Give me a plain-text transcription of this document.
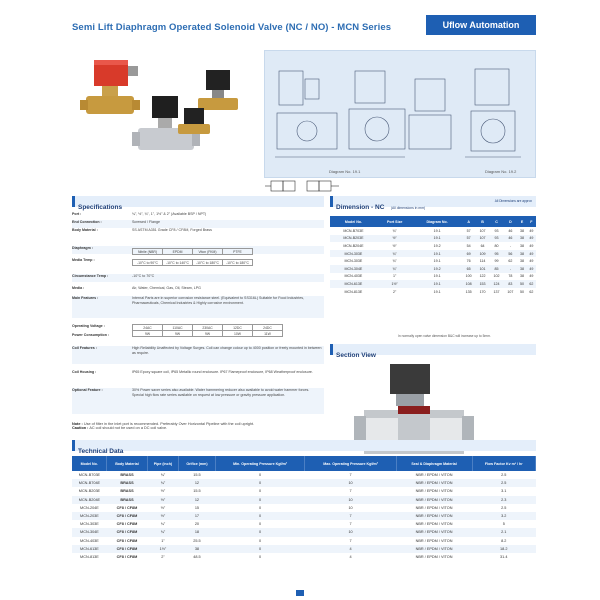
Semi Lift Diaphragm Operated Solenoid Valve (NC / NO) - MCN Series	Uflow Automation
Diagram No. 19.1	Diagram No. 19.2
Specifications
Port :	¾", ½", ¾", 1", 1½" & 2" (Available BSP / NPT)
End Connection :	Screwed / Flange
Body Material :	SS ASTM A351 Grade CF8 / CF8M, Forged Brass
Diaphragm :
Nitrile (NBR)	EPDM	Viton (FKM)	PTFE
Media Temp :
-10°C to 90°C	-10°C to 140°C	-10°C to 180°C	-10°C to 180°C
Circumstance Temp :	-10°C to 70°C
Media :	Air, Water, Chemical, Gas, Oil, Steam, LPG
Main Features :	Internal Parts are in superior corrosion resistance steel. (Equivalent to SS316L) Suitable for Food Industries, Pharmaceuticals, Chemical Industries & Highly corrosive environment.
Operating Voltage :
Power Consumption :
24AC	110AC	230AC	12DC	24DC
9W	9W	9W	10W	11W
Coil Features :	High Reliability Unaffected by Voltage Surges. Coil can change colour up to 4000 position or freely mounted in between as require.
Coil Housing :	IP65 Epoxy square coil, IP65 Metallic round enclosure. IP67 Flameproof enclosure, IP68 Weatherproof enclosure.
Optional Feature :	30% Power saver series also available. Water hammering reducer also available to avoid water hammer forces. Special high flow rate series available on request at low pressure or gravity pressure application.
Dimension - NC (All dimensions in mm)
All Dimensions are approx
Model No.	Port Size	Diagram No.	A	B	C	D	E	F
MCN-B703E	¾"	19.1	57	107	93	46	38	49
MCN-B203E	½"	19.1	57	107	93	46	38	49
MCN-B204E	½"	19.2	54	64	80	-	38	49
MCN-303E	¾"	19.1	69	109	95	56	38	49
MCN-303E	¾"	19.1	76	114	99	62	38	49
MCN-304E	¾"	19.2	65	101	85	-	38	49
MCN-403E	1"	19.1	100	122	102	78	38	49
MCN-613E	1½"	19.1	108	153	124	83	50	62
MCN-813E	2"	19.1	135	170	137	107	50	62
In normally open valve dimension B&C will increase up to 5mm.
Section View
Note : Use of filter in the inlet port is recommended. Preferably Over Horizontal Pipeline with the coil upright.
Caution : AC coil should not be used on a DC coil valve.
Technical Data
Model No.	Body Material	Pipe (inch)	Orifice (mm)	Min. Operating Pressure Kgf/m²	Max. Operating Pressure Kgf/m²	Seal & Diaphragm Material	Flow Factor Kv m³ / hr
MCN-B703E	BRASS	¾"	15.5	0	7	NBR / EPDM / VITON	2.5
MCN-B704E	BRASS	¾"	12	0	10	NBR / EPDM / VITON	2.5
MCN-B203E	BRASS	½"	15.5	0	7	NBR / EPDM / VITON	3.1
MCN-B204E	BRASS	½"	12	0	10	NBR / EPDM / VITON	2.3
MCN-204E	CF8 / CF8M	½"	15	0	10	NBR / EPDM / VITON	2.5
MCN-203E	CF8 / CF8M	½"	17	0	7	NBR / EPDM / VITON	3.2
MCN-303E	CF8 / CF8M	¾"	20	0	7	NBR / EPDM / VITON	5
MCN-304E	CF8 / CF8M	¾"	18	0	10	NBR / EPDM / VITON	2.1
MCN-403E	CF8 / CF8M	1"	25.5	0	7	NBR / EPDM / VITON	8.2
MCN-613E	CF8 / CF8M	1½"	38	0	4	NBR / EPDM / VITON	18.2
MCN-813E	CF8 / CF8M	2"	48.5	0	4	NBR / EPDM / VITON	31.4
